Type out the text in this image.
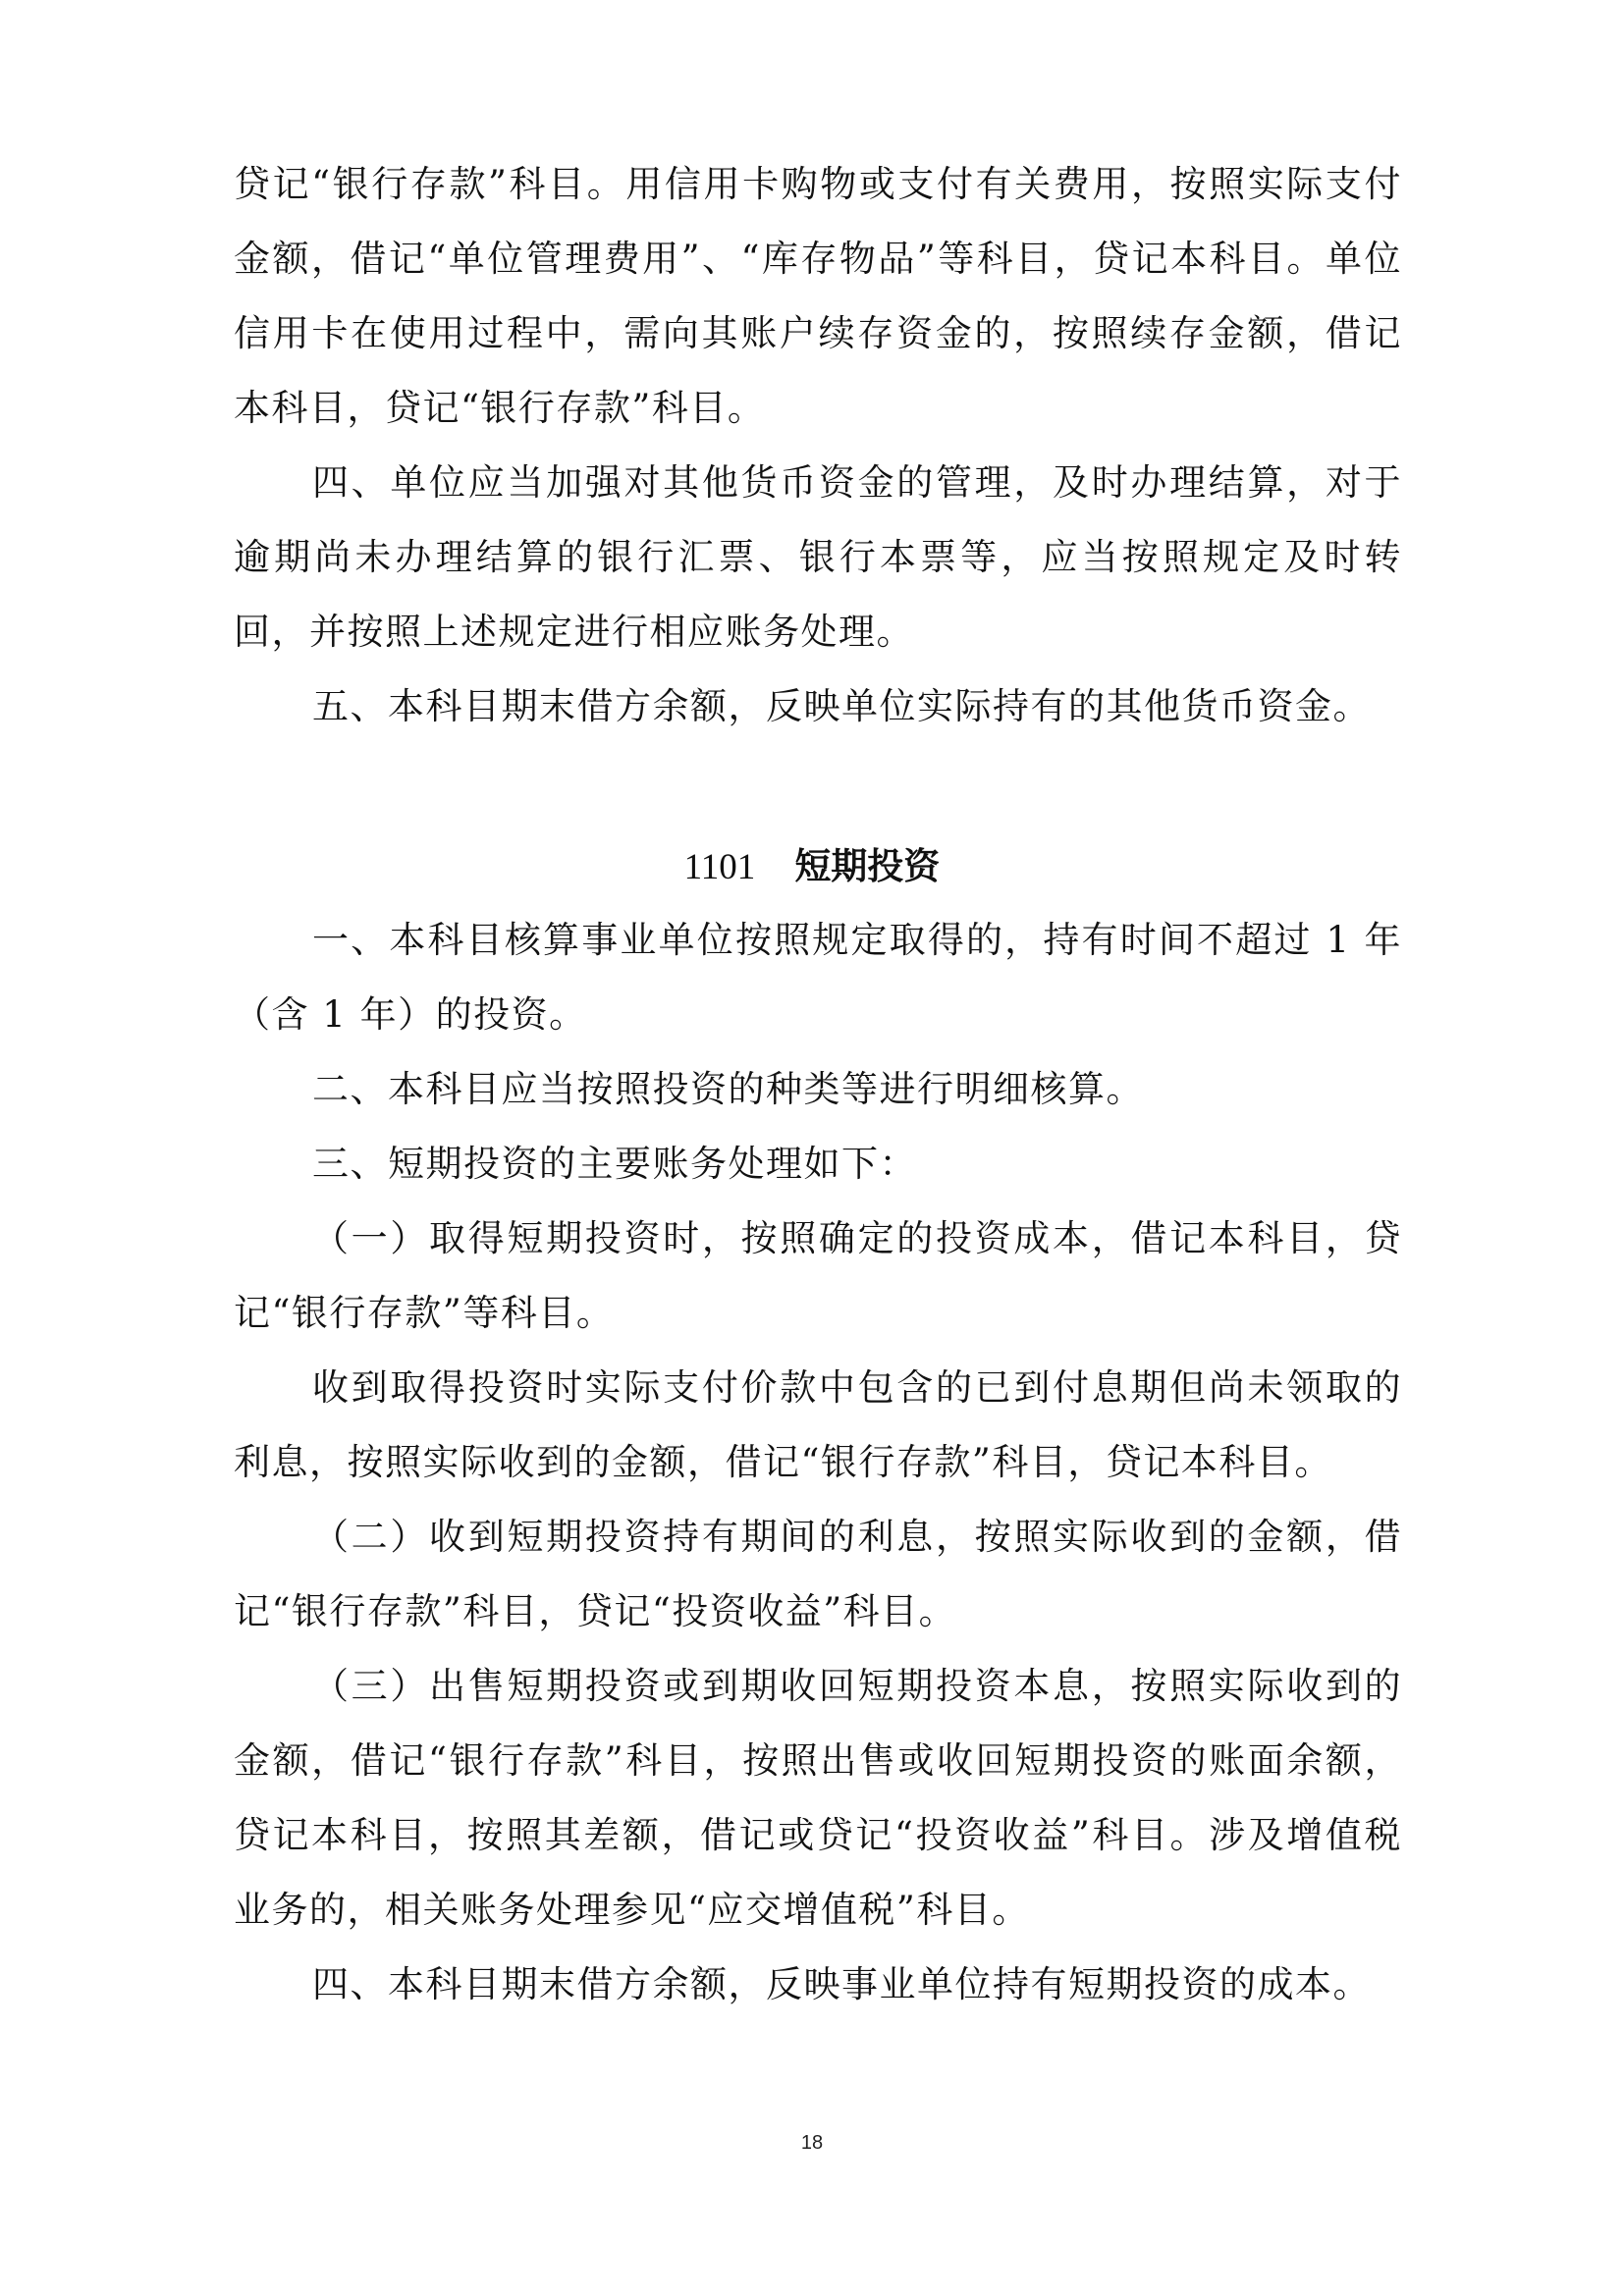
贷记“银行存款”科目。用信用卡购物或支付有关费用，按照实际支付金额，借记“单位管理费用”、“库存物品”等科目，贷记本科目。单位信用卡在使用过程中，需向其账户续存资金的，按照续存金额，借记本科目，贷记“银行存款”科目。

四、单位应当加强对其他货币资金的管理，及时办理结算，对于逾期尚未办理结算的银行汇票、银行本票等，应当按照规定及时转回，并按照上述规定进行相应账务处理。

五、本科目期末借方余额，反映单位实际持有的其他货币资金。

1101 短期投资

一、本科目核算事业单位按照规定取得的，持有时间不超过 1 年（含 1 年）的投资。

二、本科目应当按照投资的种类等进行明细核算。

三、短期投资的主要账务处理如下：

（一）取得短期投资时，按照确定的投资成本，借记本科目，贷记“银行存款”等科目。

收到取得投资时实际支付价款中包含的已到付息期但尚未领取的利息，按照实际收到的金额，借记“银行存款”科目，贷记本科目。

（二）收到短期投资持有期间的利息，按照实际收到的金额，借记“银行存款”科目，贷记“投资收益”科目。

（三）出售短期投资或到期收回短期投资本息，按照实际收到的金额，借记“银行存款”科目，按照出售或收回短期投资的账面余额，贷记本科目，按照其差额，借记或贷记“投资收益”科目。涉及增值税业务的，相关账务处理参见“应交增值税”科目。

四、本科目期末借方余额，反映事业单位持有短期投资的成本。

18
